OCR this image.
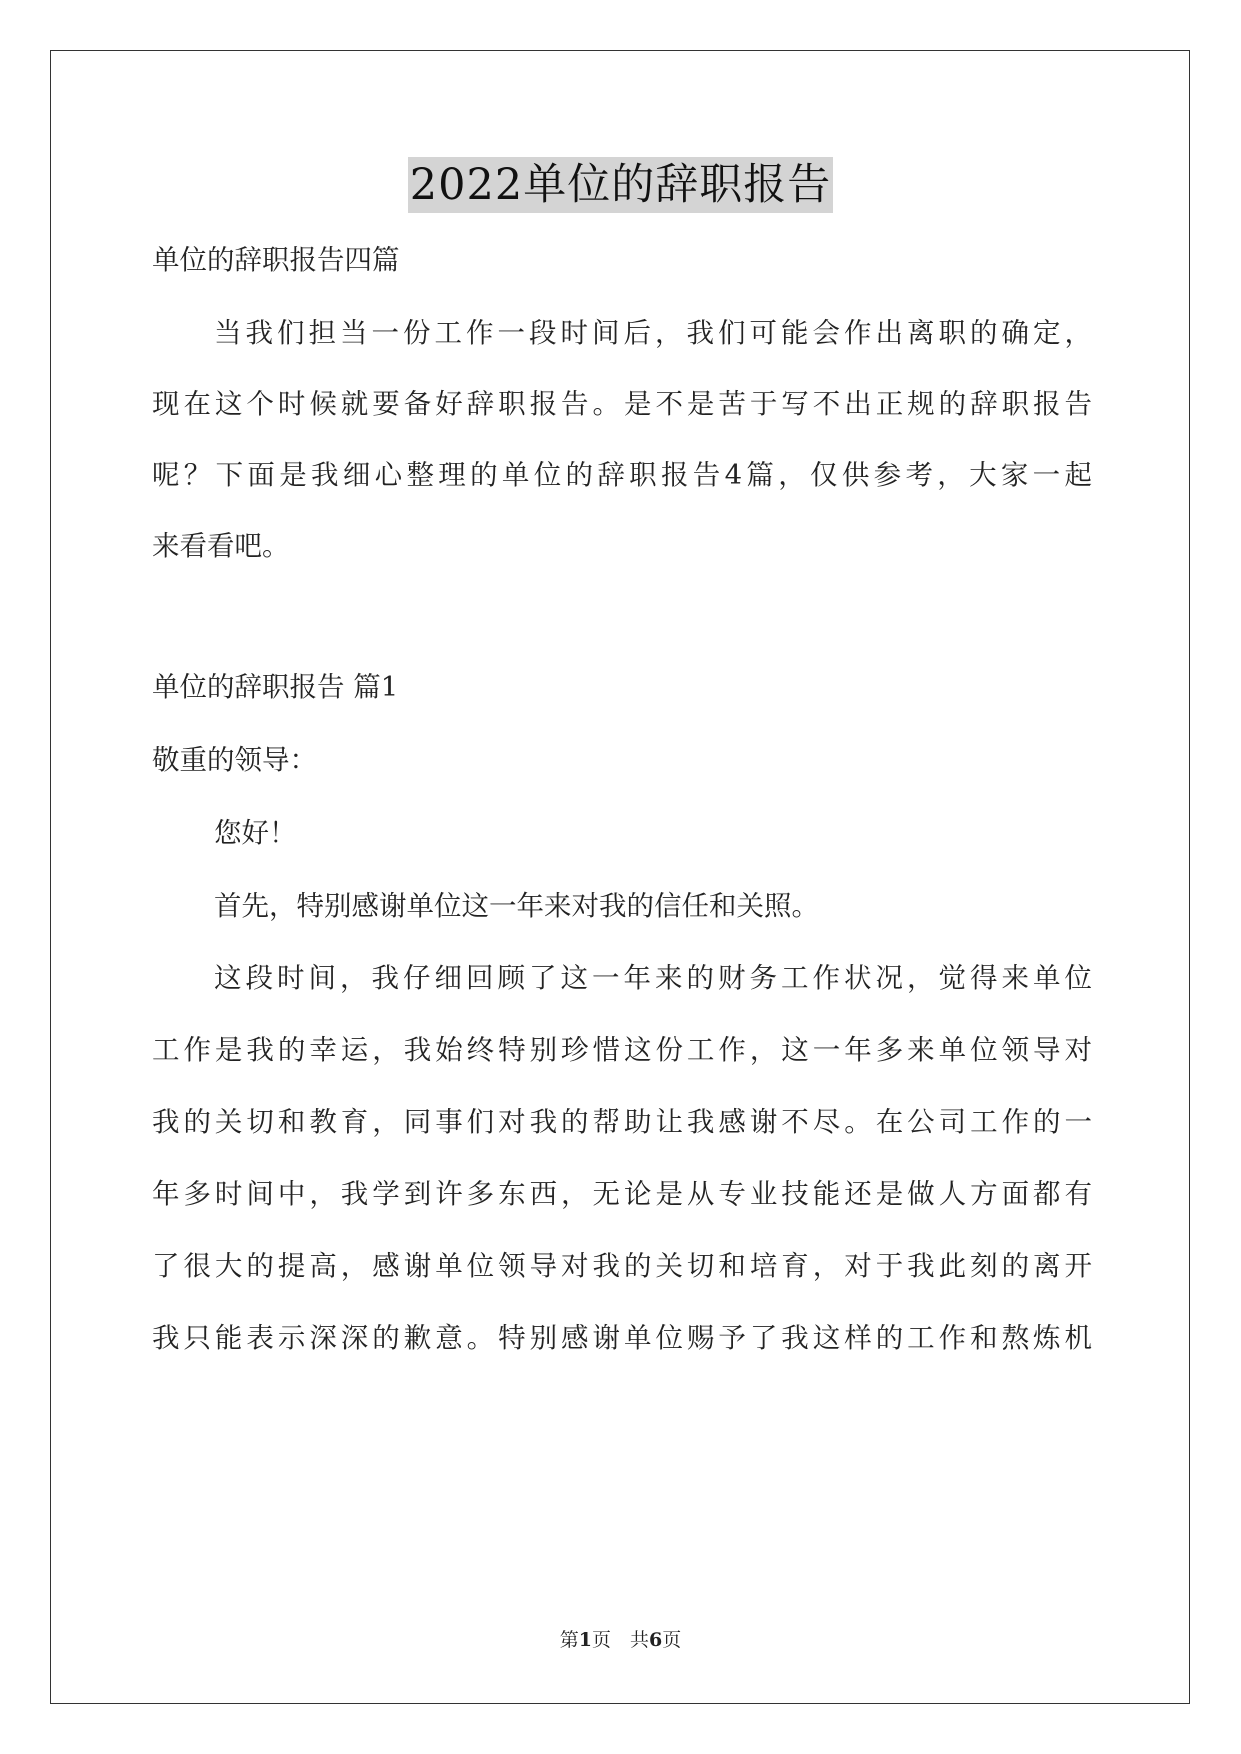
2022单位的辞职报告
单位的辞职报告四篇
当我们担当一份工作一段时间后，我们可能会作出离职的确定，
现在这个时候就要备好辞职报告。是不是苦于写不出正规的辞职报告
呢？下面是我细心整理的单位的辞职报告4篇，仅供参考，大家一起
来看看吧。
单位的辞职报告 篇1
敬重的领导：
您好！
首先，特别感谢单位这一年来对我的信任和关照。
这段时间，我仔细回顾了这一年来的财务工作状况，觉得来单位
工作是我的幸运，我始终特别珍惜这份工作，这一年多来单位领导对
我的关切和教育，同事们对我的帮助让我感谢不尽。在公司工作的一
年多时间中，我学到许多东西，无论是从专业技能还是做人方面都有
了很大的提高，感谢单位领导对我的关切和培育，对于我此刻的离开
我只能表示深深的歉意。特别感谢单位赐予了我这样的工作和熬炼机
第1页　共6页
